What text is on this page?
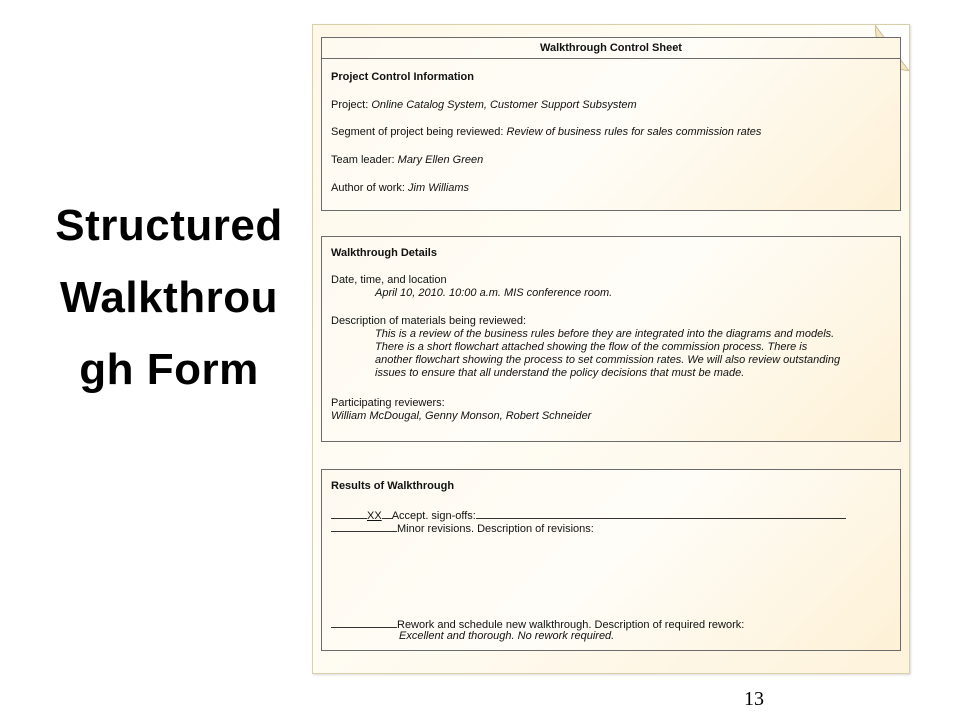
Structured
Walkthrou
gh Form
Walkthrough Control Sheet
Project Control Information
Project: Online Catalog System, Customer Support Subsystem
Segment of project being reviewed: Review of business rules for sales commission rates
Team leader: Mary Ellen Green
Author of work: Jim Williams
Walkthrough Details
Date, time, and location
April 10, 2010. 10:00 a.m. MIS conference room.
Description of materials being reviewed:
This is a review of the business rules before they are integrated into the diagrams and models.
There is a short flowchart attached showing the flow of the commission process. There is
another flowchart showing the process to set commission rates. We will also review outstanding
issues to ensure that all understand the policy decisions that must be made.
Participating reviewers:
William McDougal, Genny Monson, Robert Schneider
Results of Walkthrough
XX Accept. sign-offs:
Minor revisions. Description of revisions:
Rework and schedule new walkthrough. Description of required rework:
Excellent and thorough. No rework required.
13
